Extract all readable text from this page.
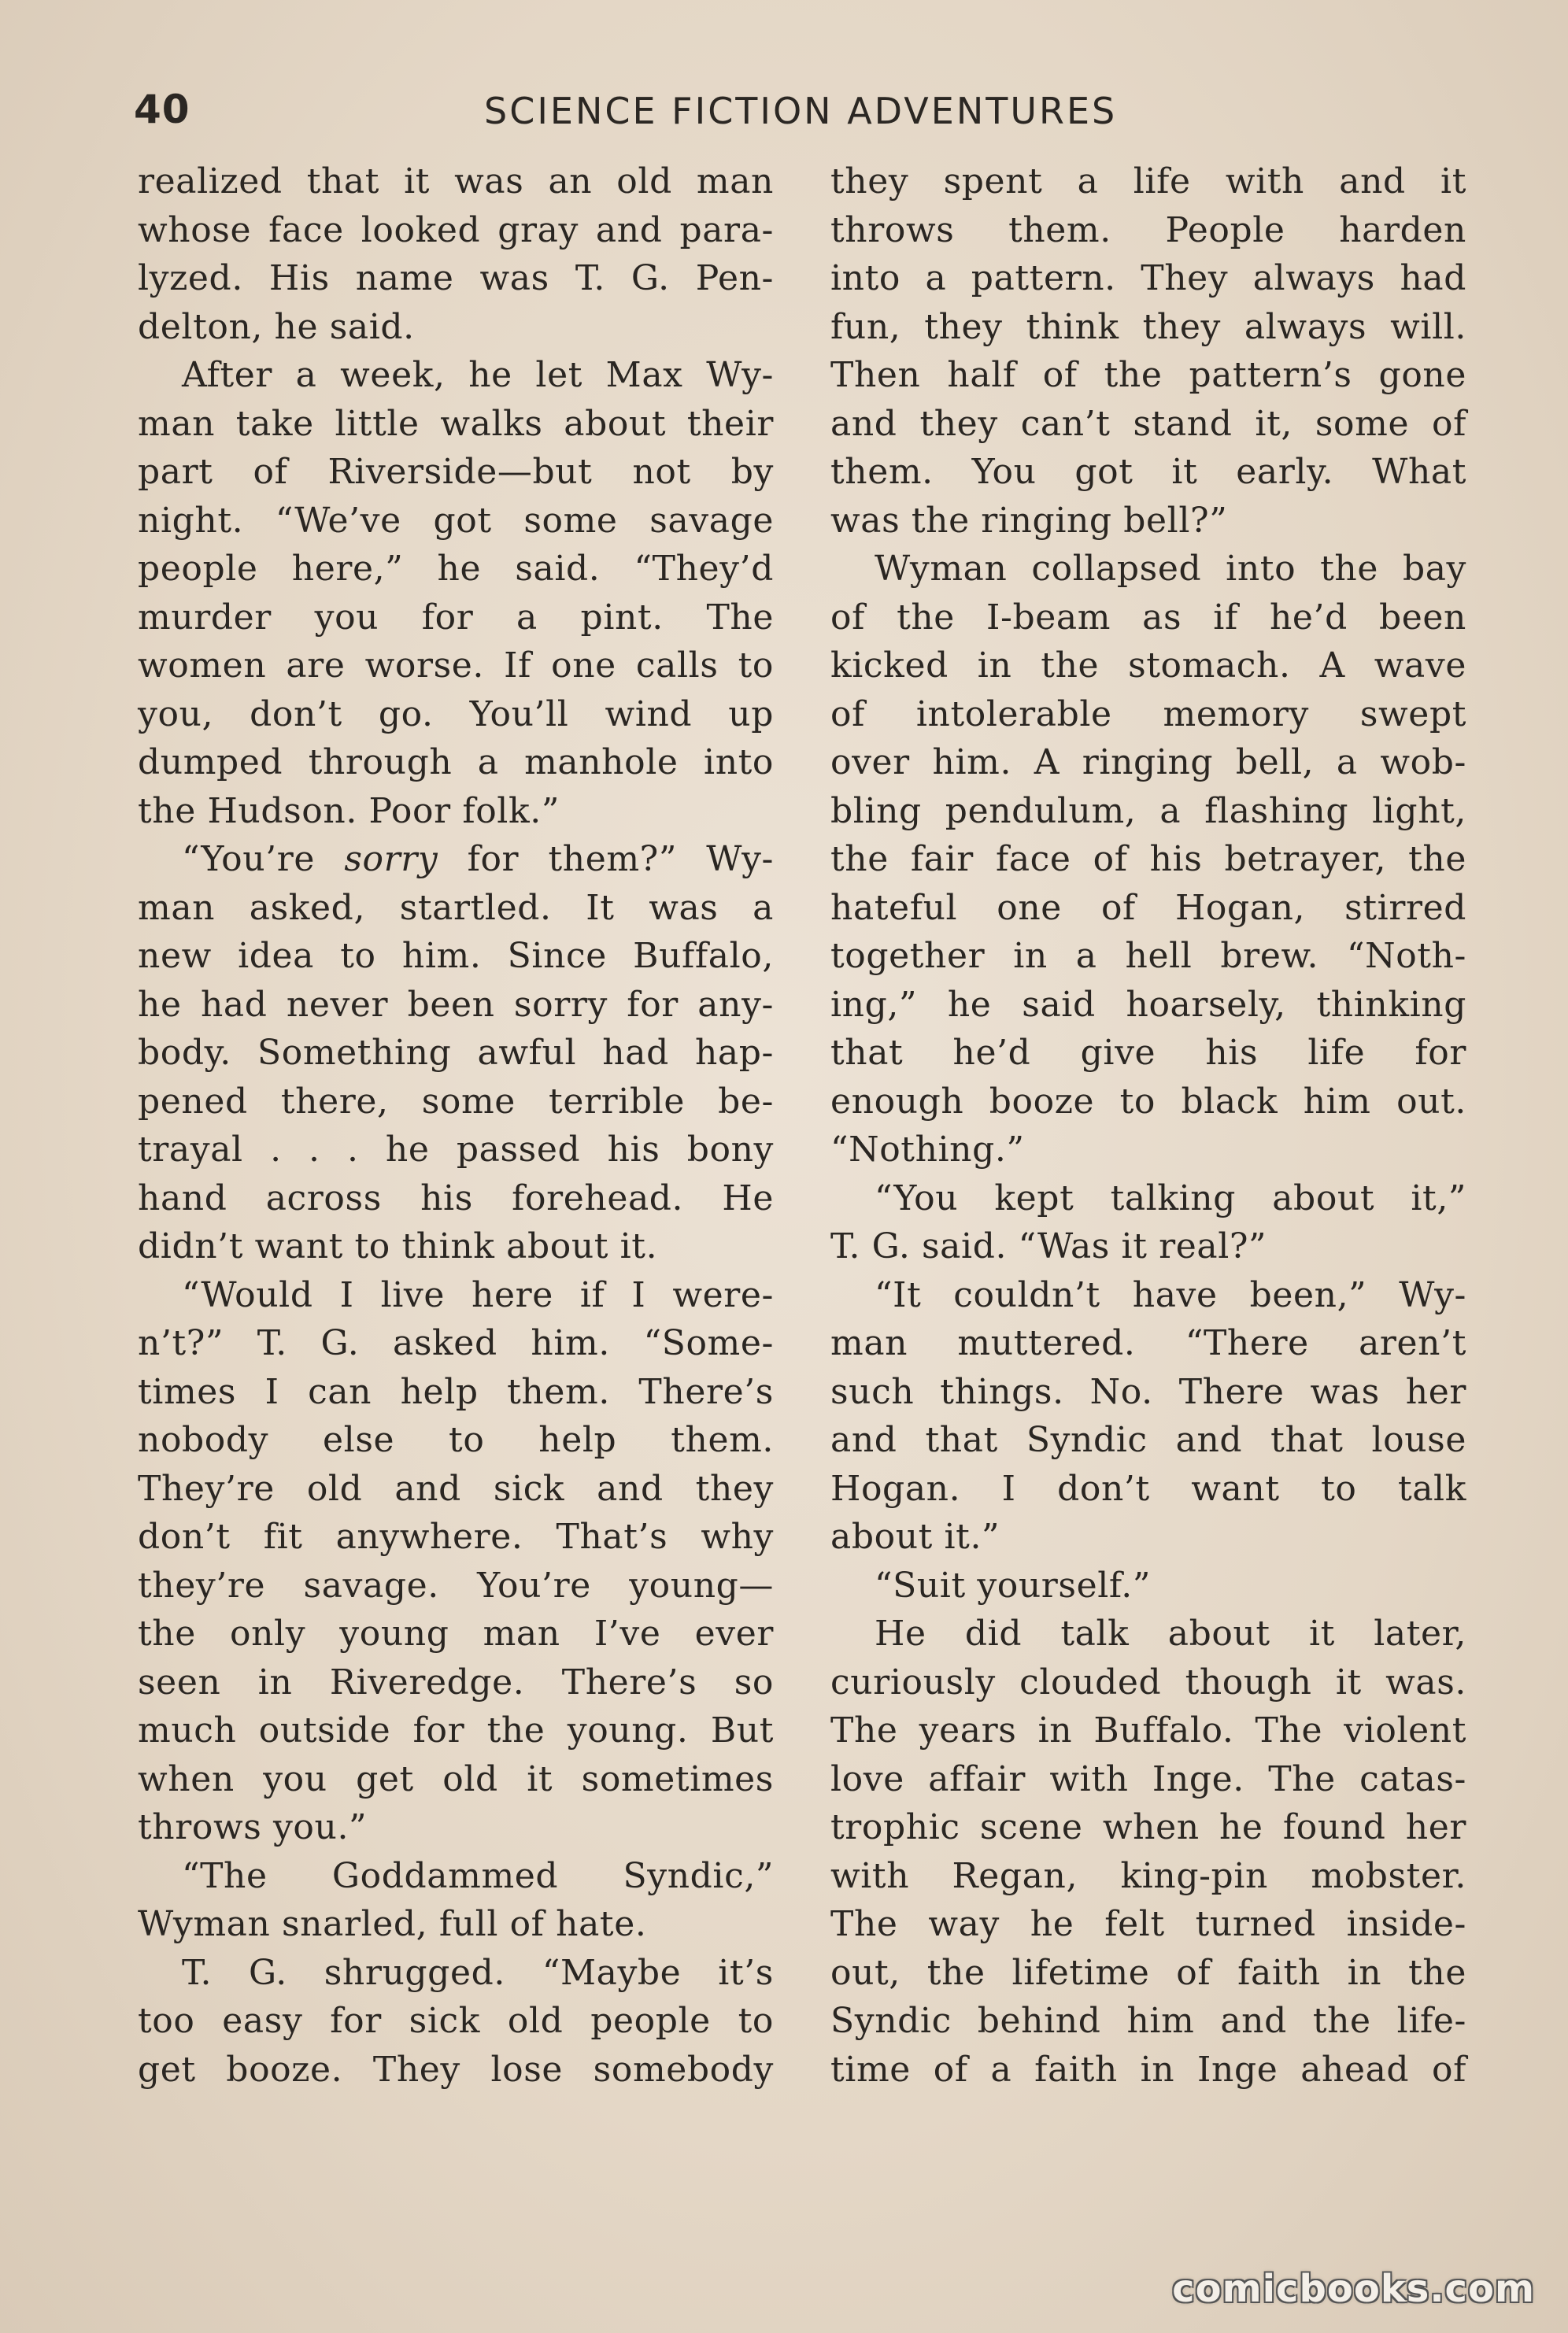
40	SCIENCE FICTION ADVENTURES
realized that it was an old man
whose face looked gray and para-
lyzed. His name was T. G. Pen-
delton, he said.
After a week, he let Max Wy-
man take little walks about their
part of Riverside—but not by
night. “We’ve got some savage
people here,” he said. “They’d
murder you for a pint. The
women are worse. If one calls to
you, don’t go. You’ll wind up
dumped through a manhole into
the Hudson. Poor folk.”
“You’re sorry for them?” Wy-
man asked, startled. It was a
new idea to him. Since Buffalo,
he had never been sorry for any-
body. Something awful had hap-
pened there, some terrible be-
trayal . . . he passed his bony
hand across his forehead. He
didn’t want to think about it.
“Would I live here if I were-
n’t?” T. G. asked him. “Some-
times I can help them. There’s
nobody else to help them.
They’re old and sick and they
don’t fit anywhere. That’s why
they’re savage. You’re young—
the only young man I’ve ever
seen in Riveredge. There’s so
much outside for the young. But
when you get old it sometimes
throws you.”
“The Goddammed Syndic,”
Wyman snarled, full of hate.
T. G. shrugged. “Maybe it’s
too easy for sick old people to
get booze. They lose somebody
they spent a life with and it
throws them. People harden
into a pattern. They always had
fun, they think they always will.
Then half of the pattern’s gone
and they can’t stand it, some of
them. You got it early. What
was the ringing bell?”
Wyman collapsed into the bay
of the I-beam as if he’d been
kicked in the stomach. A wave
of intolerable memory swept
over him. A ringing bell, a wob-
bling pendulum, a flashing light,
the fair face of his betrayer, the
hateful one of Hogan, stirred
together in a hell brew. “Noth-
ing,” he said hoarsely, thinking
that he’d give his life for
enough booze to black him out.
“Nothing.”
“You kept talking about it,”
T. G. said. “Was it real?”
“It couldn’t have been,” Wy-
man muttered. “There aren’t
such things. No. There was her
and that Syndic and that louse
Hogan. I don’t want to talk
about it.”
“Suit yourself.”
He did talk about it later,
curiously clouded though it was.
The years in Buffalo. The violent
love affair with Inge. The catas-
trophic scene when he found her
with Regan, king-pin mobster.
The way he felt turned inside-
out, the lifetime of faith in the
Syndic behind him and the life-
time of a faith in Inge ahead of
comicbooks.com
